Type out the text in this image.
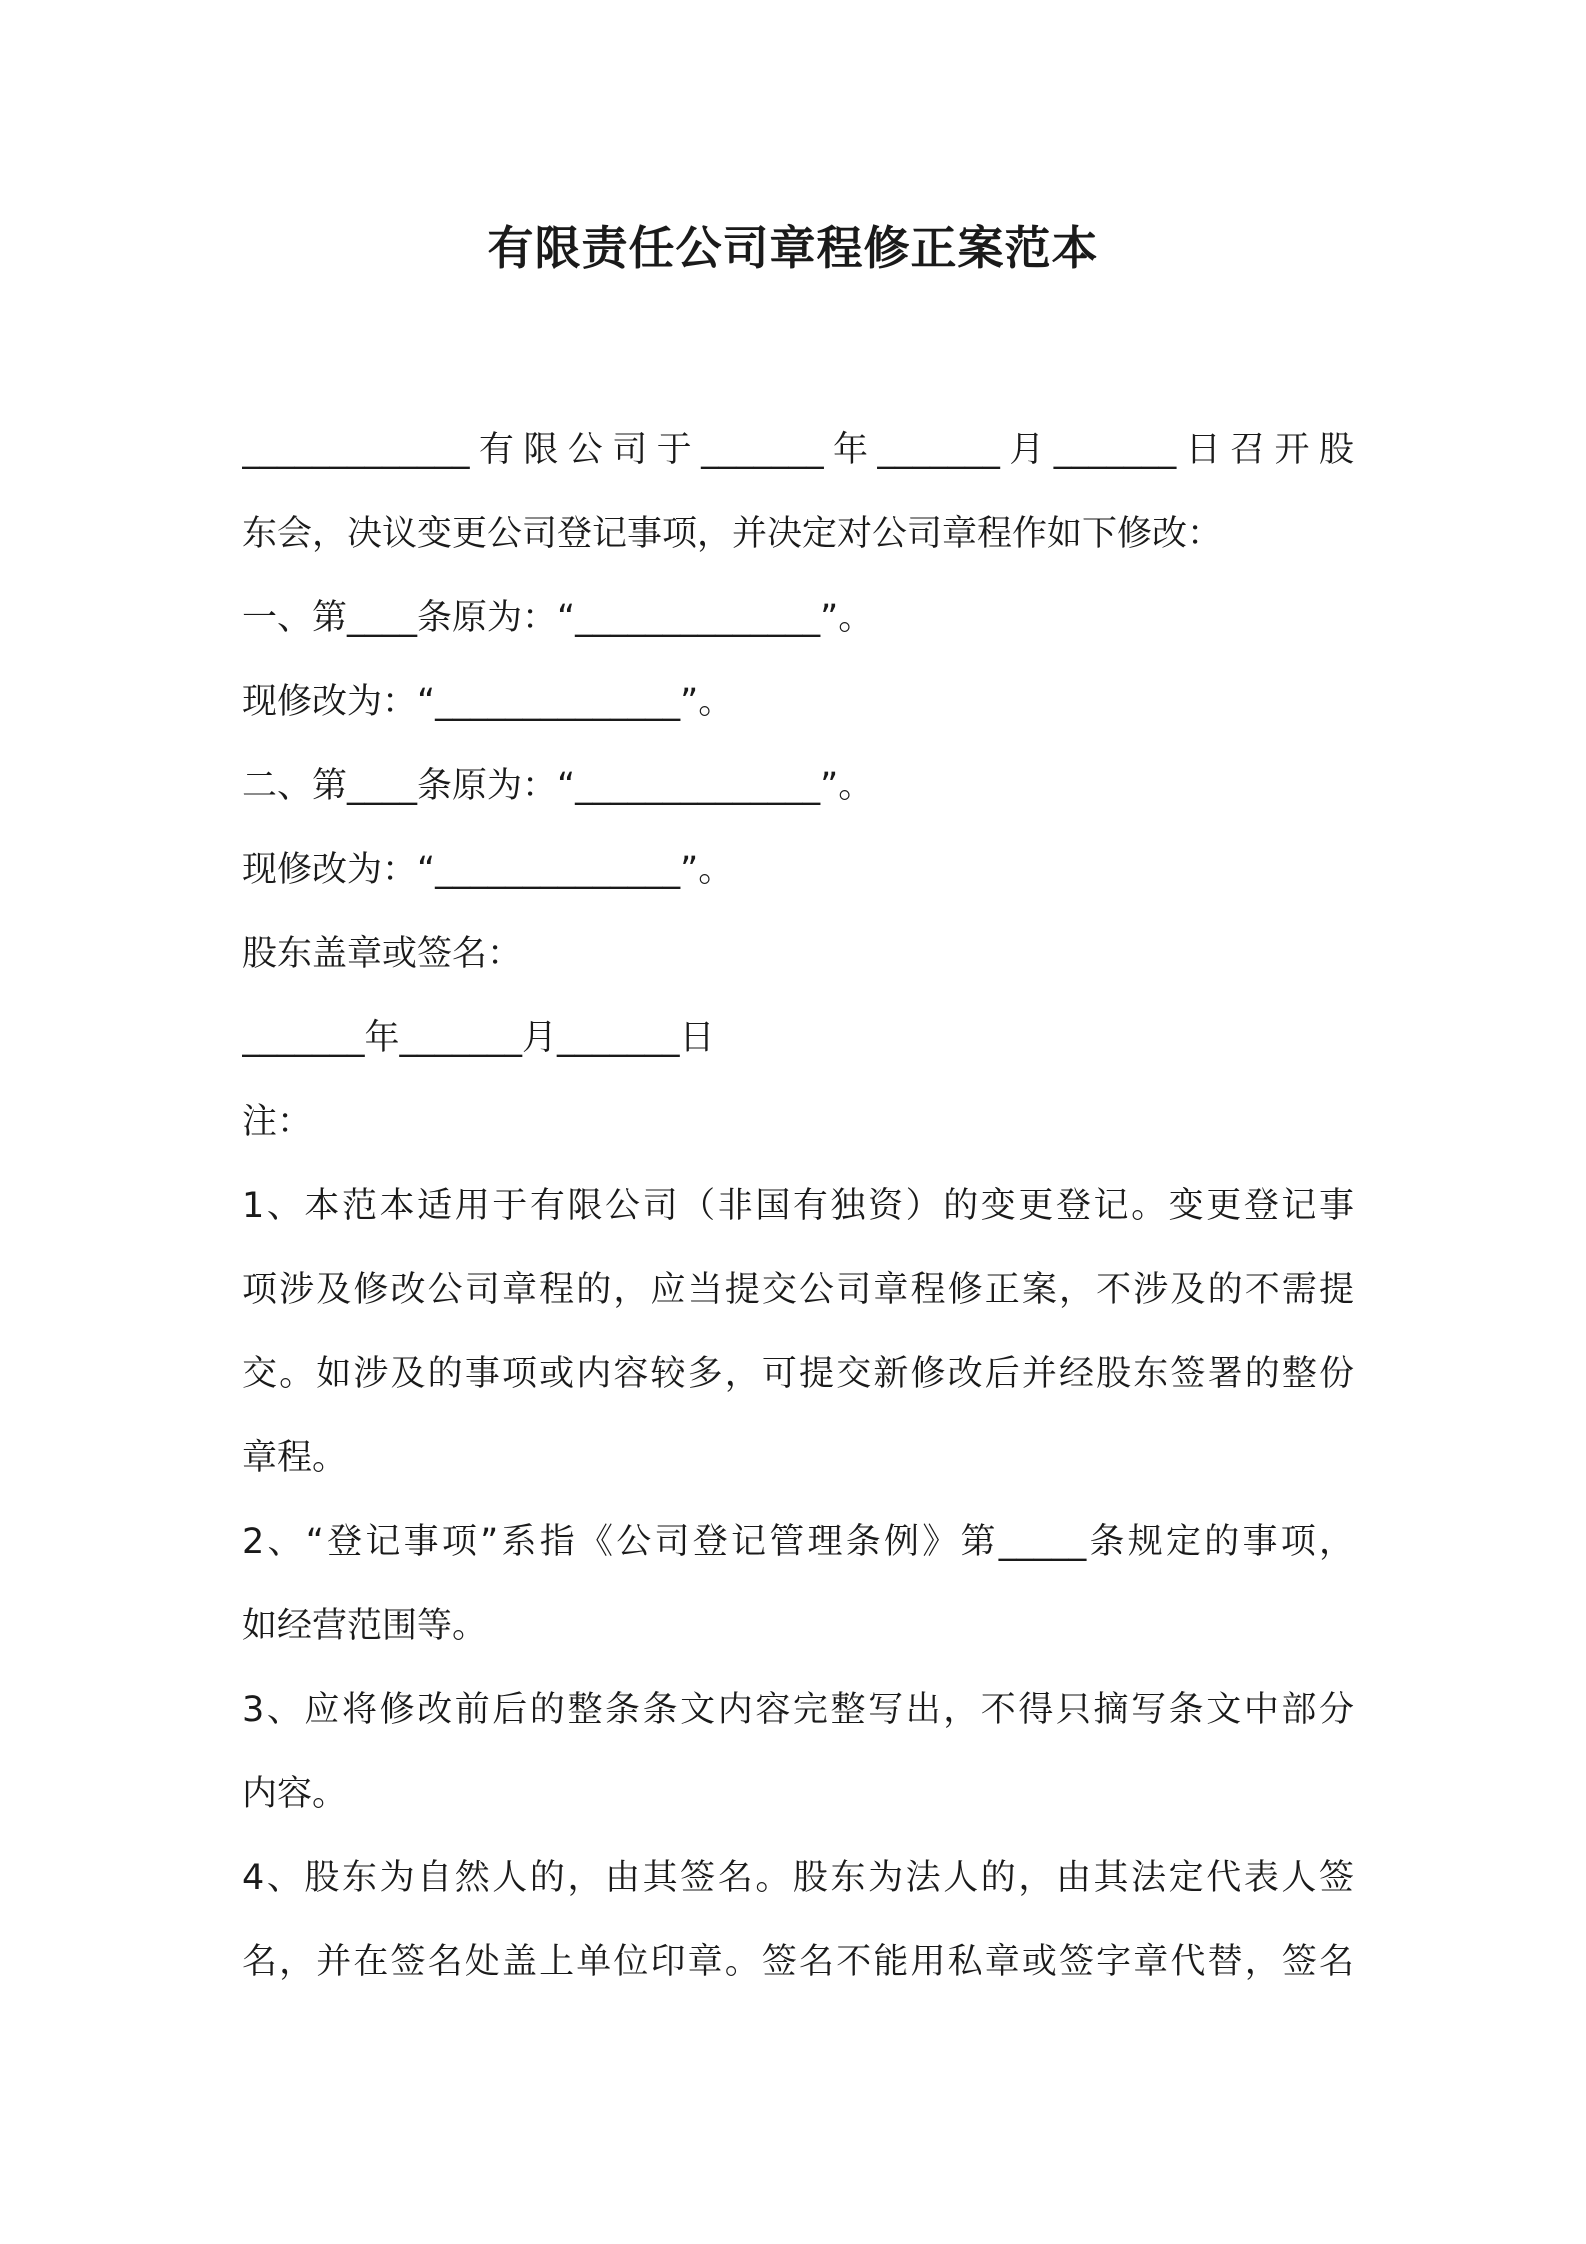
有限责任公司章程修正案范本
_____________有限公司于_______年_______月_______日召开股
东会，决议变更公司登记事项，并决定对公司章程作如下修改：
一、第____条原为：“______________”。
现修改为：“______________”。
二、第____条原为：“______________”。
现修改为：“______________”。
股东盖章或签名：
_______年_______月_______日
注：
1、本范本适用于有限公司（非国有独资）的变更登记。变更登记事
项涉及修改公司章程的，应当提交公司章程修正案，不涉及的不需提
交。如涉及的事项或内容较多，可提交新修改后并经股东签署的整份
章程。
2、“登记事项”系指《公司登记管理条例》第_____条规定的事项，
如经营范围等。
3、应将修改前后的整条条文内容完整写出，不得只摘写条文中部分
内容。
4、股东为自然人的，由其签名。股东为法人的，由其法定代表人签
名，并在签名处盖上单位印章。签名不能用私章或签字章代替，签名
